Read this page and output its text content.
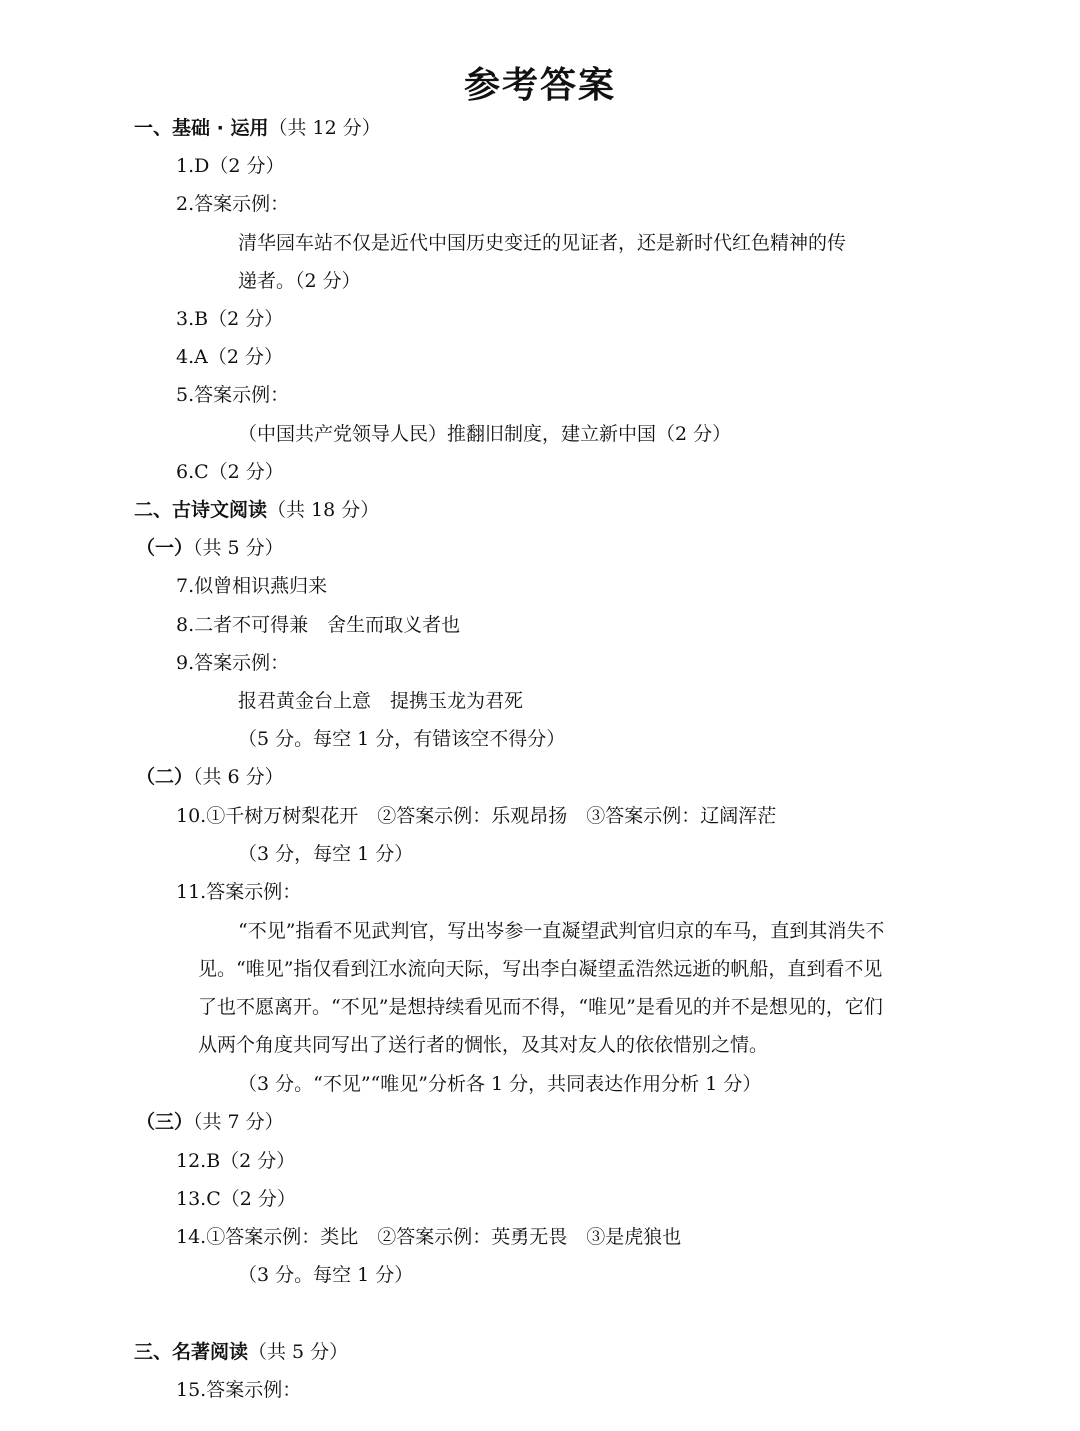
参考答案
一、基础 · 运用（共 12 分）
1.D（2 分）
2.答案示例：
清华园车站不仅是近代中国历史变迁的见证者，还是新时代红色精神的传
递者。（2 分）
3.B（2 分）
4.A（2 分）
5.答案示例：
（中国共产党领导人民）推翻旧制度，建立新中国（2 分）
6.C（2 分）
二、古诗文阅读（共 18 分）
（一）（共 5 分）
7.似曾相识燕归来
8.二者不可得兼　舍生而取义者也
9.答案示例：
报君黄金台上意　提携玉龙为君死
（5 分。每空 1 分，有错该空不得分）
（二）（共 6 分）
10.①千树万树梨花开　②答案示例：乐观昂扬　③答案示例：辽阔浑茫
（3 分，每空 1 分）
11.答案示例：
“不见”指看不见武判官，写出岑参一直凝望武判官归京的车马，直到其消失不
见。“唯见”指仅看到江水流向天际，写出李白凝望孟浩然远逝的帆船，直到看不见
了也不愿离开。“不见”是想持续看见而不得，“唯见”是看见的并不是想见的，它们
从两个角度共同写出了送行者的惆怅，及其对友人的依依惜别之情。
（3 分。“不见”“唯见”分析各 1 分，共同表达作用分析 1 分）
（三）（共 7 分）
12.B（2 分）
13.C（2 分）
14.①答案示例：类比　②答案示例：英勇无畏　③是虎狼也
（3 分。每空 1 分）
三、名著阅读（共 5 分）
15.答案示例：
